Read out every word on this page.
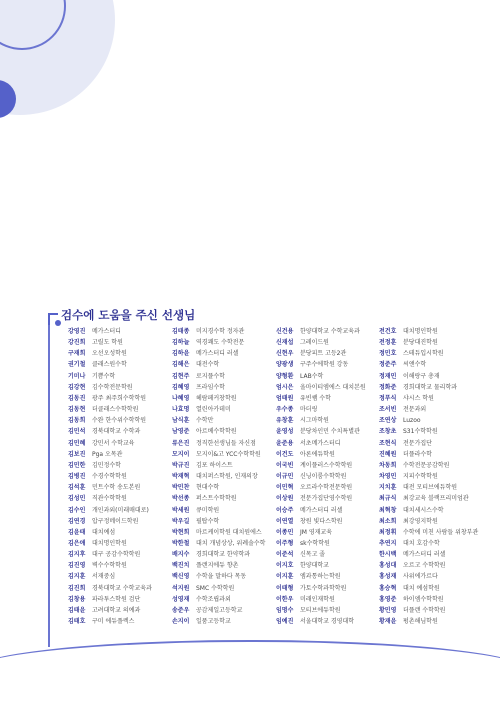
검수에 도움을 주신 선생님
강영진 메가스터디
강진희 고릴도 학원
구재희 오선오성학원
권기철 클래스원수학
기미나 기쁨수학
김강현 김수학전문학원
김동진 광주 최주희수학학원
김동현 더클래스수학학원
김동희 수완 한수위수학학원
김민석 경북대학교 수학과
김민혜 강민서 수학교육
김보진 Pga 오목관
김민한 김민정수학
김병진 수경수학학원
김석훈 민트수학 송도본원
김성민 직관수학학원
김수인 개인과외(미래매대로)
김연경 압구정메이드학원
김윤태 대치예섬
김은애 대치명인학원
김지후 대구 공감수학학원
김진영 벽수수학학원
김지훈 서재중심
김진희 경북대학교 수학교육과
김창용 파라투스학원 검단
김태윤 고려대학교 의예과
김태호 구미 에듀플렉스
김태종 미지경수학 정자관
김하늘 역경쾌도 수학전문
김하윤 메가스터디 러셀
김해은 대전수학
김현주 로지플수학
김혜영 프라임수학
나혜영 헤람페커창학원
나효명 열린아카데미
남식훈 수학만
남영준 아르베수학학원
류은진 정직한선생님들 자신점
모지이 모지이&고 YCC수학학원
박규진 김포 하이스트
박재혁 대치퍼스학원, 인재의장
박민찬 현대수학
박선종 퍼스트수학학원
박세원 큐미학원
박우길 필탑수학
박현희 마르케이학원 대치원에스
박한철 대치 개념상상, 위례솔수학
배지수 경희대학교 한약학과
백진치 플랜지에듀 향촌
백신영 수학을 말하다 목동
석지원 SMC 수학학원
성영재 수학조립과외
송준우 공감제일고등학교
손지이 일품고등학교
신건용 한양대학교 수학교육과
신재섭 그레이드원
신현우 분당피트 고등2관
양광생 구주수에학원 강동
양형환 LAB수학
엄시은 올마이티엠에스 대치본원
엄태원 유빈쌤 수학
우수종 마더링
유창훈 시그마학원
윤영성 분당차인민 수치특별관
윤준용 서초메가스터디
이건도 아론에듀학원
이국빈 계이플러스수학학원
이규민 신닝이룸수학학원
이민혁 오르라수학전문학원
이상원 전문가집단영수학원
이승주 메가스터디 러셀
이연열 창원 빛다스학원
이종민 JM 영재교육
이주형 sk수학학원
이준석 신목고 졸
이지호 한양대학교
이지훈 엠과통하는학원
이태형 가토수학과학학원
이한우 미래인재학원
임명수 모티브에듀학원
임예진 서울대학교 경영대학
전건호 대치명인학원
전정훈 분당대진학원
정민호 스테듀입시학원
정준주 씨앤수학
정재민 이해랑구 총재
정화준 경희대학교 물리학과
정푸식 샤시스 학원
조서빈 전문과외
조연상 Luzoo
조창초 S31수학학원
조현식 전문가집단
진혜원 더플라수학
차동희 수학전문공감학원
차영민 지피수학학원
지치훈 대전 모티브에듀학원
최규식 최강교육 블랙프리미엄관
최혁창 대치세시스수학
최소희 최강영지학원
최정휘 수학에 미친 사람들 위창부관
추연지 대치 호감수학
한시백 메가스터디 러셀
홍성대 오르고 수학학원
홍성재 사위에가르다
홍승혁 대치 예섬학원
홍영준 하이엠수학학원
황민영 더플랜 수학학원
황재윤 펑촌해님학원
